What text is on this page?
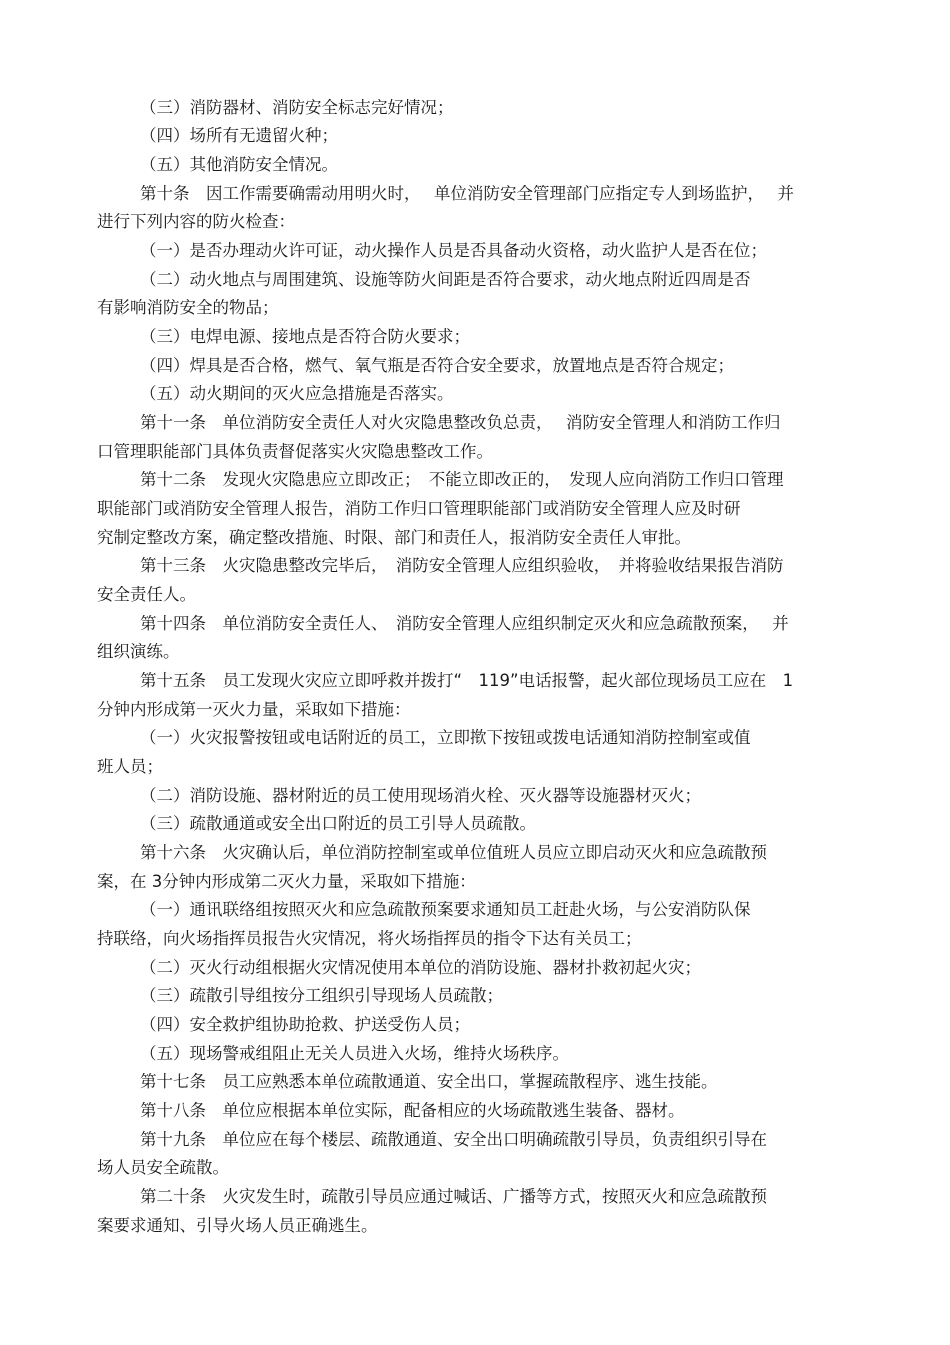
（三）消防器材、消防安全标志完好情况；

（四）场所有无遗留火种；

（五）其他消防安全情况。

第十条　因工作需要确需动用明火时，　 单位消防安全管理部门应指定专人到场监护，　 并

进行下列内容的防火检查：

（一）是否办理动火许可证，动火操作人员是否具备动火资格，动火监护人是否在位；

（二）动火地点与周围建筑、设施等防火间距是否符合要求，动火地点附近四周是否

有影响消防安全的物品；

（三）电焊电源、接地点是否符合防火要求；

（四）焊具是否合格，燃气、氧气瓶是否符合安全要求，放置地点是否符合规定；

（五）动火期间的灭火应急措施是否落实。

第十一条　单位消防安全责任人对火灾隐患整改负总责，　 消防安全管理人和消防工作归

口管理职能部门具体负责督促落实火灾隐患整改工作。

第十二条　发现火灾隐患应立即改正；　不能立即改正的，　发现人应向消防工作归口管理

职能部门或消防安全管理人报告，消防工作归口管理职能部门或消防安全管理人应及时研

究制定整改方案，确定整改措施、时限、部门和责任人，报消防安全责任人审批。

第十三条　火灾隐患整改完毕后，　消防安全管理人应组织验收，　并将验收结果报告消防

安全责任人。

第十四条　单位消防安全责任人、　消防安全管理人应组织制定灭火和应急疏散预案，　 并

组织演练。

第十五条　员工发现火灾应立即呼救并拨打“　119”电话报警，起火部位现场员工应在　1

分钟内形成第一灭火力量，采取如下措施：

（一）火灾报警按钮或电话附近的员工，立即揿下按钮或拨电话通知消防控制室或值

班人员；

（二）消防设施、器材附近的员工使用现场消火栓、灭火器等设施器材灭火；

（三）疏散通道或安全出口附近的员工引导人员疏散。

第十六条　火灾确认后，单位消防控制室或单位值班人员应立即启动灭火和应急疏散预

案，在 3分钟内形成第二灭火力量，采取如下措施：

（一）通讯联络组按照灭火和应急疏散预案要求通知员工赶赴火场，与公安消防队保

持联络，向火场指挥员报告火灾情况，将火场指挥员的指令下达有关员工；

（二）灭火行动组根据火灾情况使用本单位的消防设施、器材扑救初起火灾；

（三）疏散引导组按分工组织引导现场人员疏散；

（四）安全救护组协助抢救、护送受伤人员；

（五）现场警戒组阻止无关人员进入火场，维持火场秩序。

第十七条　员工应熟悉本单位疏散通道、安全出口，掌握疏散程序、逃生技能。

第十八条　单位应根据本单位实际，配备相应的火场疏散逃生装备、器材。

第十九条　单位应在每个楼层、疏散通道、安全出口明确疏散引导员，负责组织引导在

场人员安全疏散。

第二十条　火灾发生时，疏散引导员应通过喊话、广播等方式，按照灭火和应急疏散预

案要求通知、引导火场人员正确逃生。
